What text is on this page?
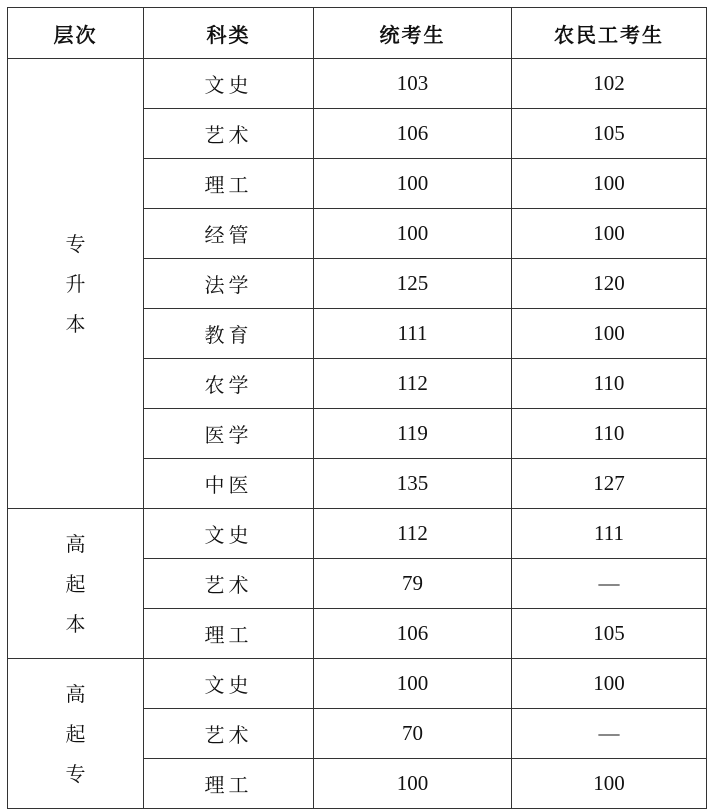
层次	科类	统考生	农民工考生

专
升
本	文史	103	102
	艺术	106	105
	理工	100	100
	经管	100	100
	法学	125	120
	教育	111	100
	农学	112	110
	医学	119	110
	中医	135	127

高
起
本	文史	112	111
	艺术	79	—
	理工	106	105

高
起
专	文史	100	100
	艺术	70	—
	理工	100	100
